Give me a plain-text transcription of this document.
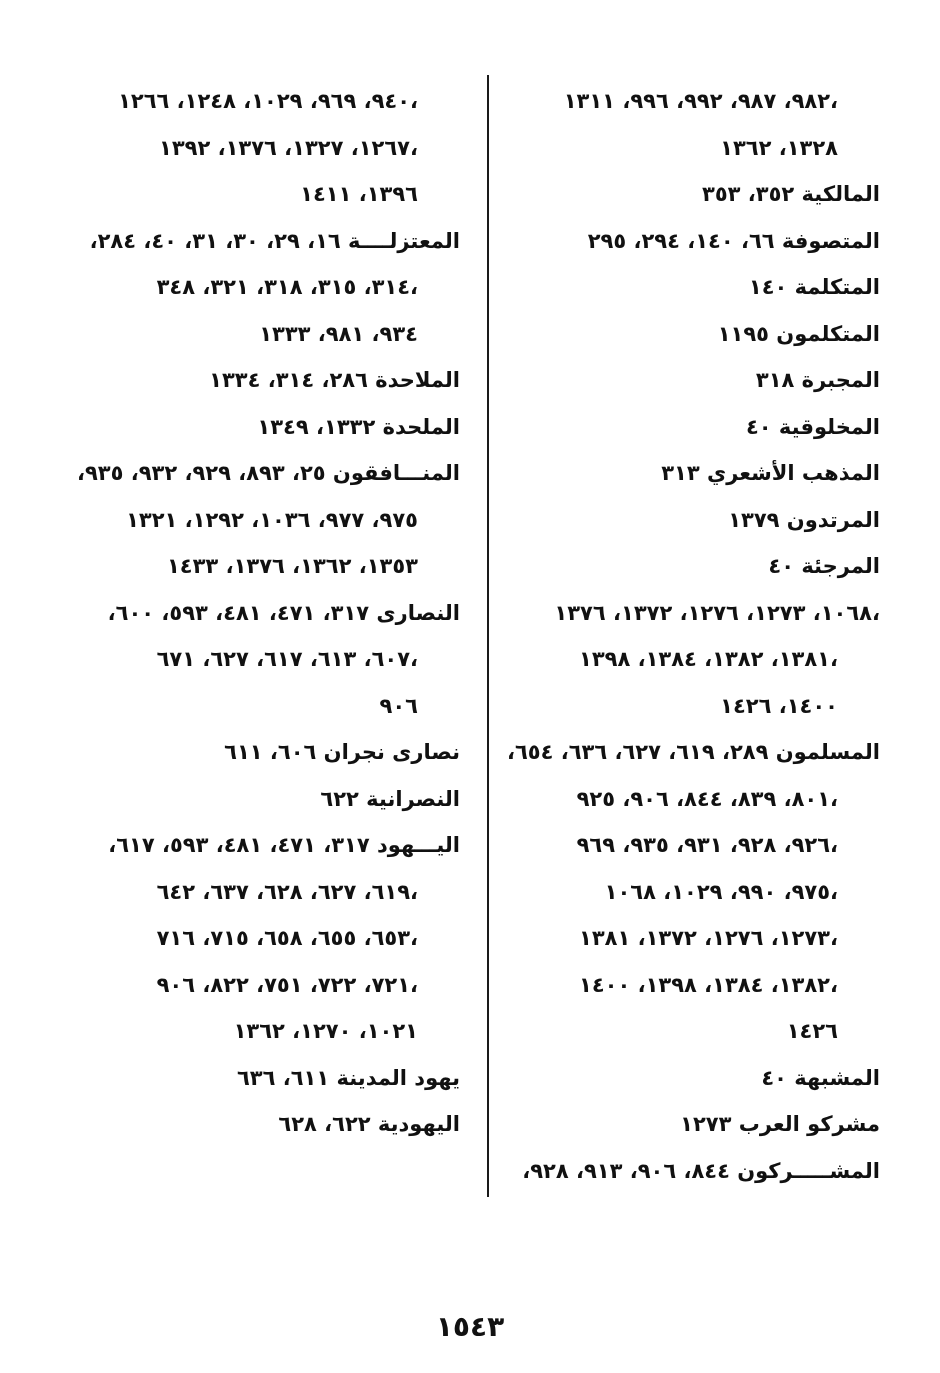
٩٨٢، ٩٨٧، ٩٩٢، ٩٩٦، ١٣١١،
١٣٢٨، ١٣٦٢
المالكية ٣٥٢، ٣٥٣
المتصوفة ٦٦، ١٤٠، ٢٩٤، ٢٩٥
المتكلمة ١٤٠
المتكلمون ١١٩٥
المجبرة ٣١٨
المخلوقية ٤٠
المذهب الأشعري ٣١٣
المرتدون ١٣٧٩
المرجئة ٤٠
١٠٦٨، ١٢٧٣، ١٢٧٦، ١٣٧٢، ١٣٧٦،
١٣٨١، ١٣٨٢، ١٣٨٤، ١٣٩٨،
١٤٠٠، ١٤٢٦
المسلمون ٢٨٩، ٦١٩، ٦٢٧، ٦٣٦، ٦٥٤،
٨٠١، ٨٣٩، ٨٤٤، ٩٠٦، ٩٢٥،
٩٢٦، ٩٢٨، ٩٣١، ٩٣٥، ٩٦٩،
٩٧٥، ٩٩٠، ١٠٢٩، ١٠٦٨،
١٢٧٣، ١٢٧٦، ١٣٧٢، ١٣٨١،
١٣٨٢، ١٣٨٤، ١٣٩٨، ١٤٠٠،
١٤٢٦
المشبهة ٤٠
مشركو العرب ١٢٧٣
المشـــــركون ٨٤٤، ٩٠٦، ٩١٣، ٩٢٨،
٩٤٠، ٩٦٩، ١٠٢٩، ١٢٤٨، ١٢٦٦،
١٢٦٧، ١٣٢٧، ١٣٧٦، ١٣٩٢،
١٣٩٦، ١٤١١
المعتزلــــة ١٦، ٢٩، ٣٠، ٣١، ٤٠، ٢٨٤،
٣١٤، ٣١٥، ٣١٨، ٣٢١، ٣٤٨،
٩٣٤، ٩٨١، ١٣٣٣
الملاحدة ٢٨٦، ٣١٤، ١٣٣٤
الملحدة ١٣٣٢، ١٣٤٩
المنـــافقون ٢٥، ٨٩٣، ٩٢٩، ٩٣٢، ٩٣٥،
٩٧٥، ٩٧٧، ١٠٣٦، ١٢٩٢، ١٣٢١
١٣٥٣، ١٣٦٢، ١٣٧٦، ١٤٣٣
النصارى ٣١٧، ٤٧١، ٤٨١، ٥٩٣، ٦٠٠،
٦٠٧، ٦١٣، ٦١٧، ٦٢٧، ٦٧١،
٩٠٦
نصارى نجران ٦٠٦، ٦١١
النصرانية ٦٢٢
اليـــهود ٣١٧، ٤٧١، ٤٨١، ٥٩٣، ٦١٧،
٦١٩، ٦٢٧، ٦٢٨، ٦٣٧، ٦٤٢،
٦٥٣، ٦٥٥، ٦٥٨، ٧١٥، ٧١٦،
٧٢١، ٧٢٢، ٧٥١، ٨٢٢، ٩٠٦،
١٠٢١، ١٢٧٠، ١٣٦٢
يهود المدينة ٦١١، ٦٣٦
اليهودية ٦٢٢، ٦٢٨
١٥٤٣
